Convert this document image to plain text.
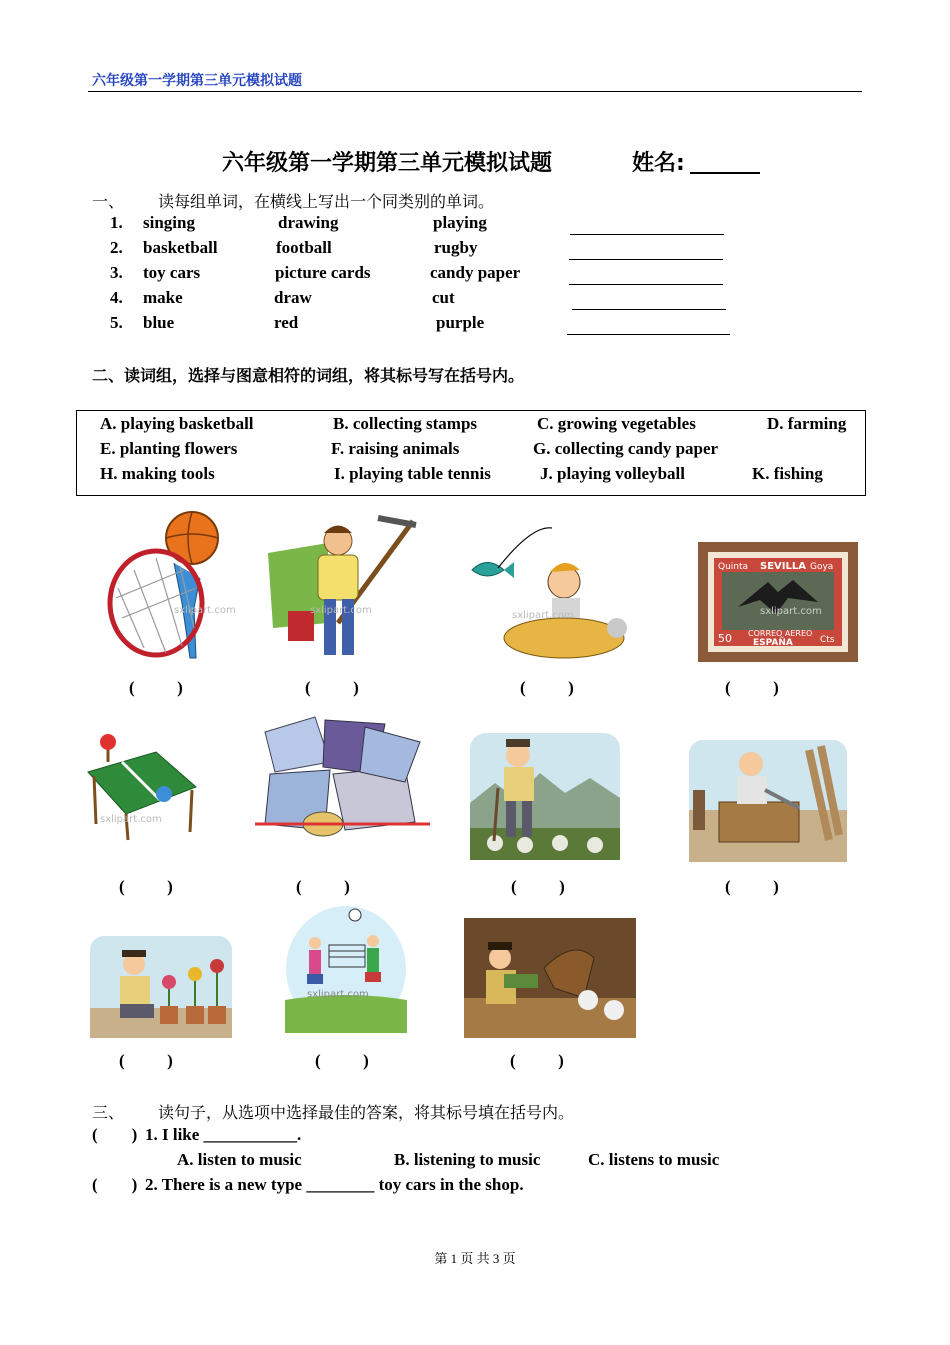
六年级第一学期第三单元模拟试题
六年级第一学期第三单元模拟试题	姓名:
一、 读每组单词，在横线上写出一个同类别的单词。
1. singing	drawing	playing
2. basketball	football	rugby
3. toy cars	picture cards	candy paper
4. make	draw	cut
5. blue	red	purple
二、读词组，选择与图意相符的词组，将其标号写在括号内。
A. playing basketball	B. collecting stamps	C. growing vegetables	D. farming
E. planting flowers	F. raising animals	G. collecting candy paper
H. making tools	I. playing table tennis	J. playing volleyball	K. fishing
sxlipart.com	sxlipart.com	sxlipart.com
Quinta SEVILLA Goya
50 CORREO AEREO
ESPAÑA	Cts
sxlipart.com
(          )	(          )	(          )	(          )
sxlipart.com
(          )	(          )	(          )	(          )
sxlipart.com
(          )	(          )	(          )
三、 读句子，从选项中选择最佳的答案，将其标号填在括号内。
(        ) 1. I like ___________.
A. listen to music	B. listening to music	C. listens to music
(        ) 2. There is a new type ________ toy cars in the shop.
第 1 页 共 3 页
